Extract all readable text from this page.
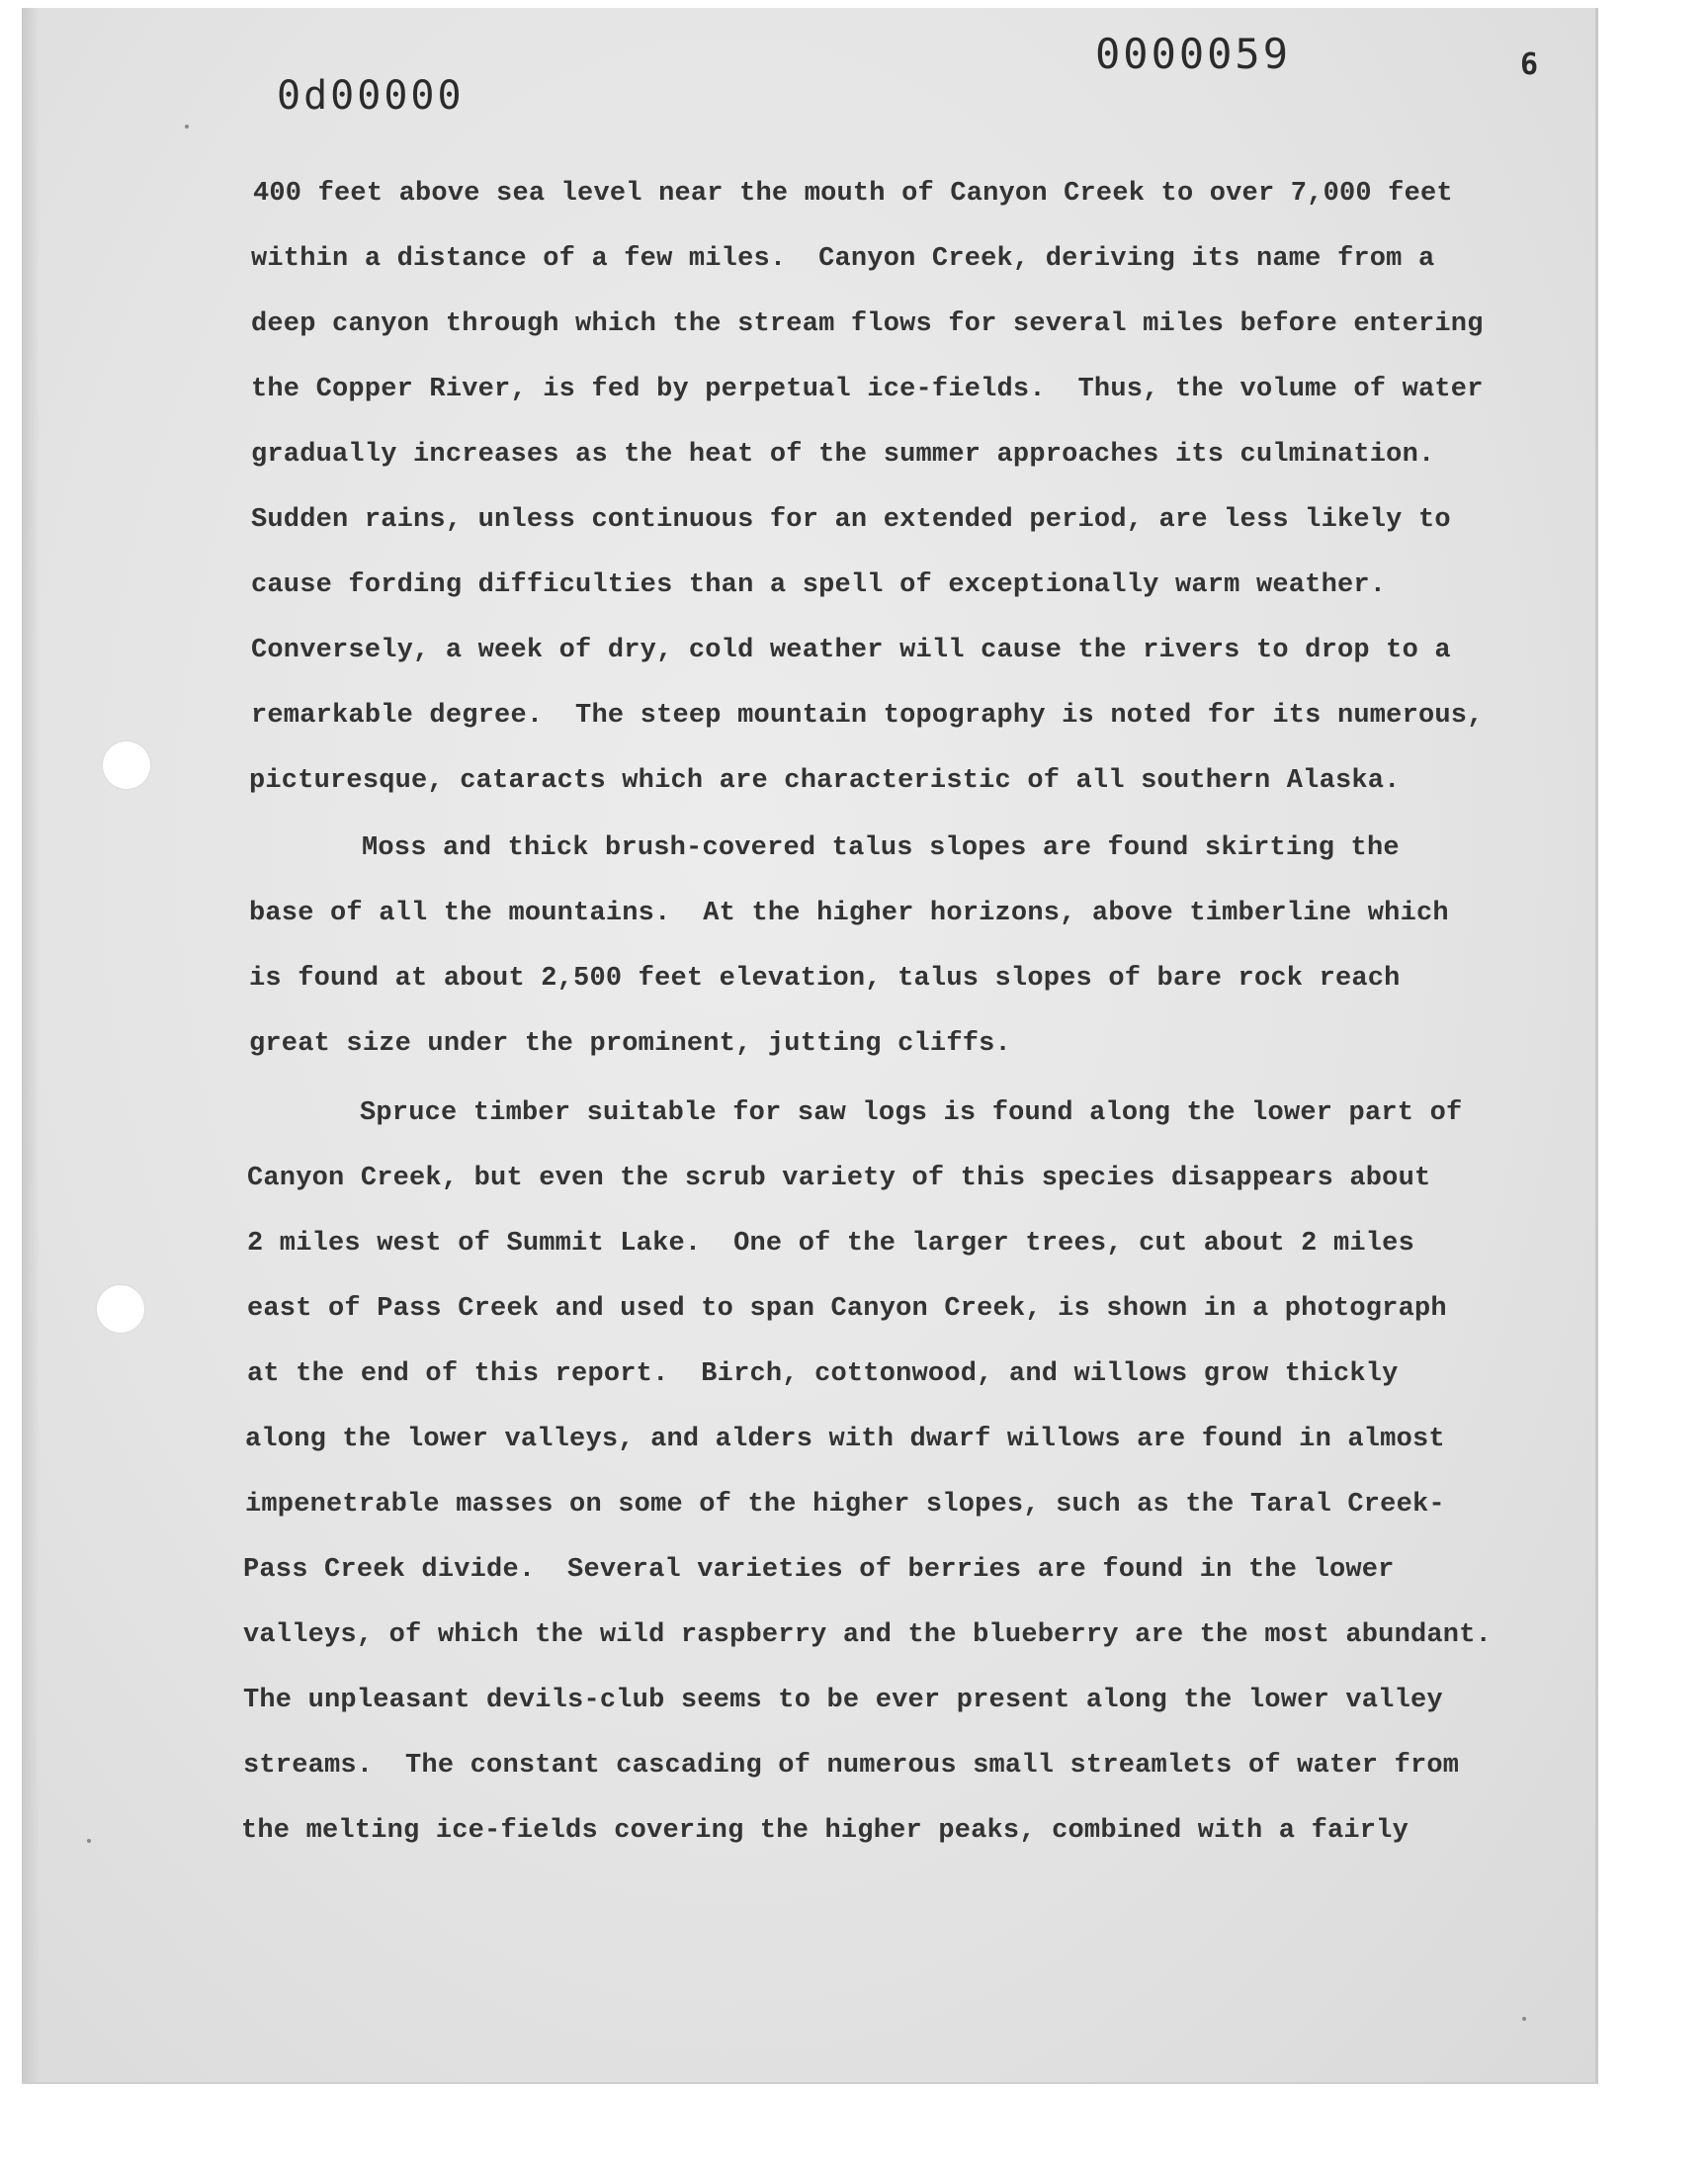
0d00000
0000059	6
400 feet above sea level near the mouth of Canyon Creek to over 7,000 feet
within a distance of a few miles.  Canyon Creek, deriving its name from a
deep canyon through which the stream flows for several miles before entering
the Copper River, is fed by perpetual ice-fields.  Thus, the volume of water
gradually increases as the heat of the summer approaches its culmination.
Sudden rains, unless continuous for an extended period, are less likely to
cause fording difficulties than a spell of exceptionally warm weather.
Conversely, a week of dry, cold weather will cause the rivers to drop to a
remarkable degree.  The steep mountain topography is noted for its numerous,
picturesque, cataracts which are characteristic of all southern Alaska.
Moss and thick brush-covered talus slopes are found skirting the
base of all the mountains.  At the higher horizons, above timberline which
is found at about 2,500 feet elevation, talus slopes of bare rock reach
great size under the prominent, jutting cliffs.
Spruce timber suitable for saw logs is found along the lower part of
Canyon Creek, but even the scrub variety of this species disappears about
2 miles west of Summit Lake.  One of the larger trees, cut about 2 miles
east of Pass Creek and used to span Canyon Creek, is shown in a photograph
at the end of this report.  Birch, cottonwood, and willows grow thickly
along the lower valleys, and alders with dwarf willows are found in almost
impenetrable masses on some of the higher slopes, such as the Taral Creek-
Pass Creek divide.  Several varieties of berries are found in the lower
valleys, of which the wild raspberry and the blueberry are the most abundant.
The unpleasant devils-club seems to be ever present along the lower valley
streams.  The constant cascading of numerous small streamlets of water from
the melting ice-fields covering the higher peaks, combined with a fairly
